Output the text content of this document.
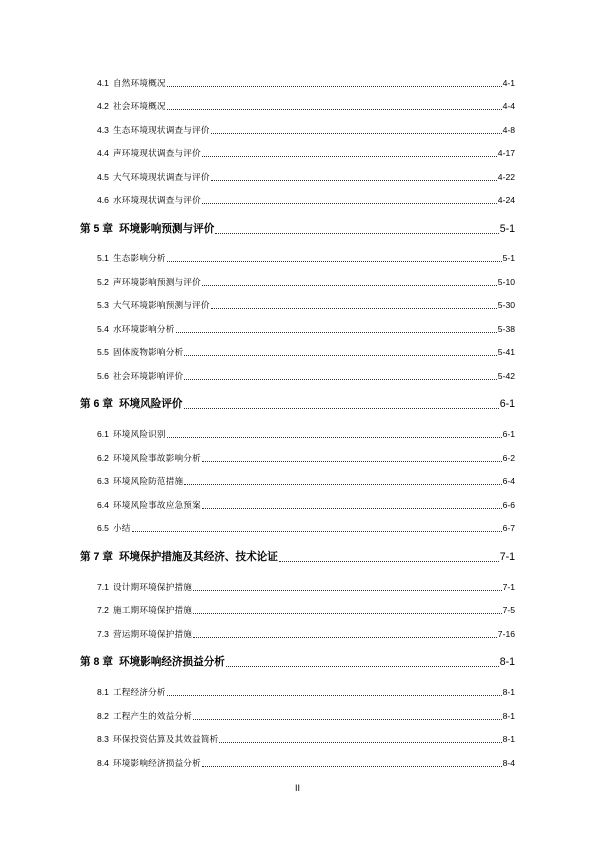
4.1 自然环境概况	4-1
4.2 社会环境概况	4-4
4.3 生态环境现状调查与评价	4-8
4.4 声环境现状调查与评价	4-17
4.5 大气环境现状调查与评价	4-22
4.6 水环境现状调查与评价	4-24
第 5 章 环境影响预测与评价	5-1
5.1 生态影响分析	5-1
5.2 声环境影响预测与评价	5-10
5.3 大气环境影响预测与评价	5-30
5.4 水环境影响分析	5-38
5.5 固体废物影响分析	5-41
5.6 社会环境影响评价	5-42
第 6 章 环境风险评价	6-1
6.1 环境风险识别	6-1
6.2 环境风险事故影响分析	6-2
6.3 环境风险防范措施	6-4
6.4 环境风险事故应急预案	6-6
6.5 小结	6-7
第 7 章 环境保护措施及其经济、技术论证	7-1
7.1 设计期环境保护措施	7-1
7.2 施工期环境保护措施	7-5
7.3 营运期环境保护措施	7-16
第 8 章 环境影响经济损益分析	8-1
8.1 工程经济分析	8-1
8.2 工程产生的效益分析	8-1
8.3 环保投资估算及其效益简析	8-1
8.4 环境影响经济损益分析	8-4
II
